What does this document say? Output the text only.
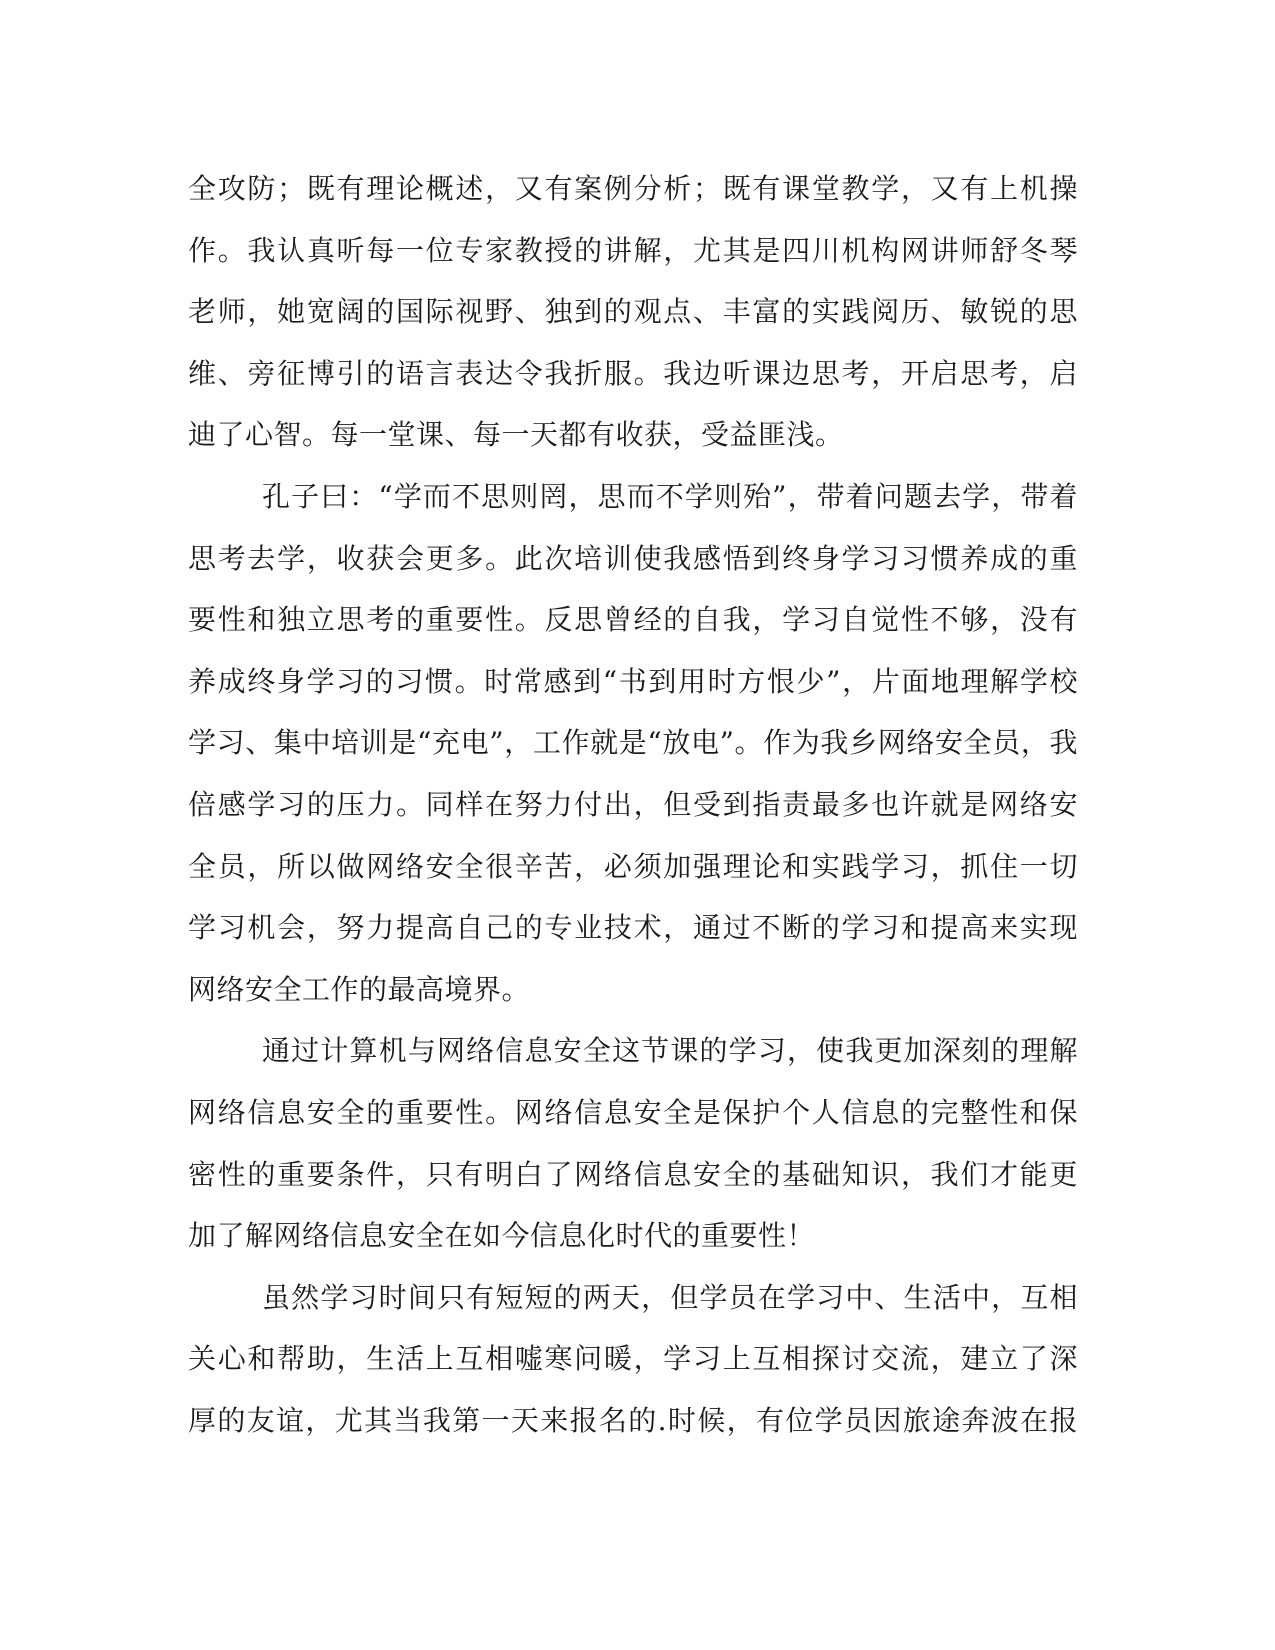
全攻防；既有理论概述，又有案例分析；既有课堂教学，又有上机操
作。我认真听每一位专家教授的讲解，尤其是四川机构网讲师舒冬琴
老师，她宽阔的国际视野、独到的观点、丰富的实践阅历、敏锐的思
维、旁征博引的语言表达令我折服。我边听课边思考，开启思考，启
迪了心智。每一堂课、每一天都有收获，受益匪浅。
孔子曰：“学而不思则罔，思而不学则殆”，带着问题去学，带着
思考去学，收获会更多。此次培训使我感悟到终身学习习惯养成的重
要性和独立思考的重要性。反思曾经的自我，学习自觉性不够，没有
养成终身学习的习惯。时常感到“书到用时方恨少”，片面地理解学校
学习、集中培训是“充电”，工作就是“放电”。作为我乡网络安全员，我
倍感学习的压力。同样在努力付出，但受到指责最多也许就是网络安
全员，所以做网络安全很辛苦，必须加强理论和实践学习，抓住一切
学习机会，努力提高自己的专业技术，通过不断的学习和提高来实现
网络安全工作的最高境界。
通过计算机与网络信息安全这节课的学习，使我更加深刻的理解
网络信息安全的重要性。网络信息安全是保护个人信息的完整性和保
密性的重要条件，只有明白了网络信息安全的基础知识，我们才能更
加了解网络信息安全在如今信息化时代的重要性！
虽然学习时间只有短短的两天，但学员在学习中、生活中，互相
关心和帮助，生活上互相嘘寒问暖，学习上互相探讨交流，建立了深
厚的友谊，尤其当我第一天来报名的.时候，有位学员因旅途奔波在报
